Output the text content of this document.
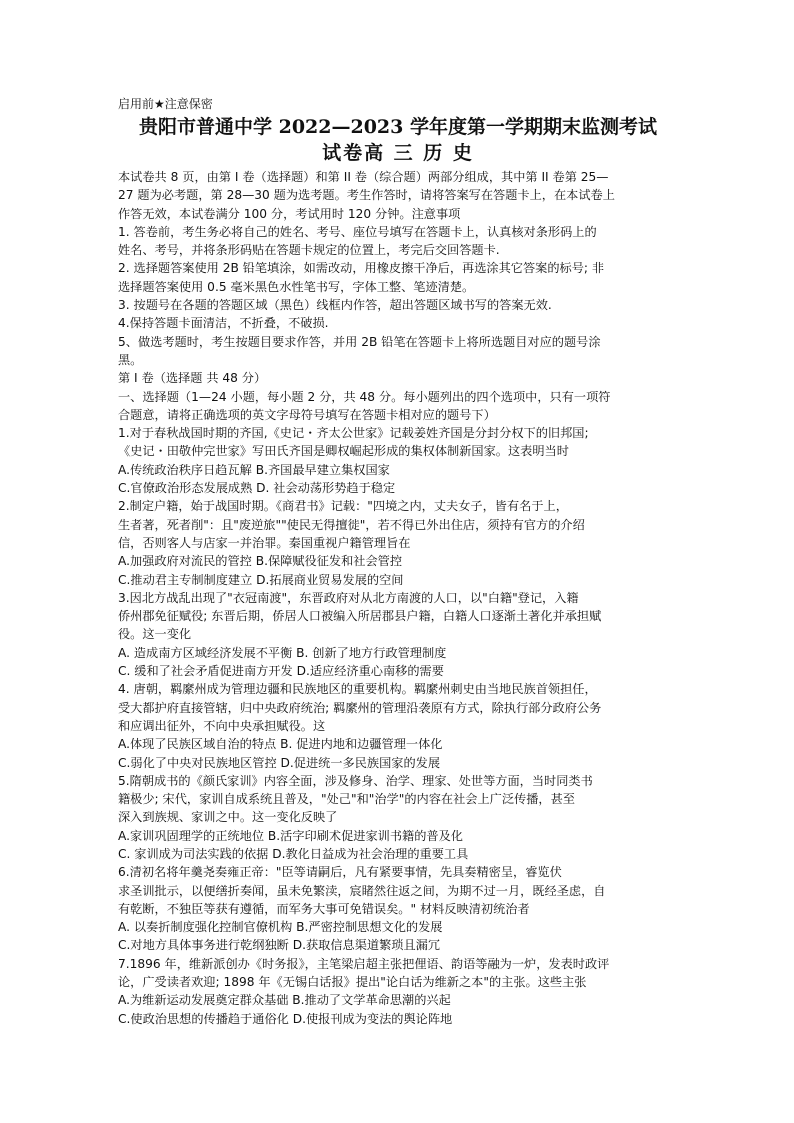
启用前★注意保密
贵阳市普通中学 2022—2023 学年度第一学期期末监测考试
试卷高 三 历 史
本试卷共 8 页，由第 I 卷（选择题）和第 II 卷（综合题）两部分组成，其中第 II 卷第 25—
27 题为必考题，第 28—30 题为选考题。考生作答时，请将答案写在答题卡上，在本试卷上
作答无效，本试卷满分 100 分，考试用时 120 分钟。注意事项
1. 答卷前，考生务必将自己的姓名、考号、座位号填写在答题卡上，认真核对条形码上的
姓名、考号，并将条形码贴在答题卡规定的位置上，考完后交回答题卡.
2. 选择题答案使用 2B 铅笔填涂，如需改动，用橡皮擦干净后，再选涂其它答案的标号; 非
选择题答案使用 0.5 毫米黑色水性笔书写，字体工整、笔迹清楚。
3. 按题号在各题的答题区域（黑色）线框内作答，超出答题区域书写的答案无效.
4.保持答题卡面清洁，不折叠，不破损.
5、做选考题时，考生按题目要求作答，并用 2B 铅笔在答题卡上将所选题目对应的题号涂
黑。
第 I 卷（选择题 共 48 分）
一、选择题（1—24 小题，每小题 2 分，共 48 分。每小题列出的四个选项中，只有一项符
合题意，请将正确选项的英文字母符号填写在答题卡相对应的题号下）
1.对于春秋战国时期的齐国,《史记・齐太公世家》记载姜姓齐国是分封分权下的旧邦国;
《史记・田敬仲完世家》写田氏齐国是卿权崛起形成的集权体制新国家。这表明当时
A.传统政治秩序日趋瓦解 B.齐国最早建立集权国家
C.官僚政治形态发展成熟 D. 社会动荡形势趋于稳定
2.制定户籍，始于战国时期。《商君书》记载："四境之内，丈夫女子，皆有名于上，
生者著，死者削"：且"废逆旅""使民无得擅徙"，若不得已外出住店，须持有官方的介绍
信，否则客人与店家一并治罪。秦国重视户籍管理旨在
A.加强政府对流民的管控 B.保障赋役征发和社会管控
C.推动君主专制制度建立 D.拓展商业贸易发展的空间
3.因北方战乱出现了"衣冠南渡"，东晋政府对从北方南渡的人口，以"白籍"登记，入籍
侨州郡免征赋役; 东晋后期，侨居人口被编入所居郡县户籍，白籍人口逐渐土著化并承担赋
役。这一变化
A. 造成南方区域经济发展不平衡 B. 创新了地方行政管理制度
C. 缓和了社会矛盾促进南方开发 D.适应经济重心南移的需要
4. 唐朝，羁縻州成为管理边疆和民族地区的重要机构。羁縻州刺史由当地民族首领担任，
受大都护府直接管辖，归中央政府统治; 羁縻州的管理沿袭原有方式，除执行部分政府公务
和应调出征外，不向中央承担赋役。这
A.体现了民族区域自治的特点 B. 促进内地和边疆管理一体化
C.弱化了中央对民族地区管控 D.促进统一多民族国家的发展
5.隋朝成书的《颜氏家训》内容全面，涉及修身、治学、理家、处世等方面，当时同类书
籍极少; 宋代，家训自成系统且普及，"处己"和"治学"的内容在社会上广泛传播，甚至
深入到族规、家训之中。这一变化反映了
A.家训巩固理学的正统地位 B.活字印刷术促进家训书籍的普及化
C. 家训成为司法实践的依据 D.教化日益成为社会治理的重要工具
6.清初名将年羹尧奏雍正帝："臣等请嗣后，凡有紧要事情，先具奏精密呈，睿览伏
求圣训批示，以便缮折奏闻，虽未免繁渎，宸睹然往返之间，为期不过一月，既经圣虑，自
有乾断，不独臣等获有遵循，而军务大事可免错误矣。" 材料反映清初统治者
A. 以奏折制度强化控制官僚机构 B.严密控制思想文化的发展
C.对地方具体事务进行乾纲独断 D.获取信息渠道繁琐且漏冗
7.1896 年，维新派创办《时务报》，主笔梁启超主张把俚语、韵语等融为一炉，发表时政评
论，广受读者欢迎; 1898 年《无锡白话报》提出"论白话为维新之本"的主张。这些主张
A.为维新运动发展奠定群众基础 B.推动了文学革命思潮的兴起
C.使政治思想的传播趋于通俗化 D.使报刊成为变法的舆论阵地
